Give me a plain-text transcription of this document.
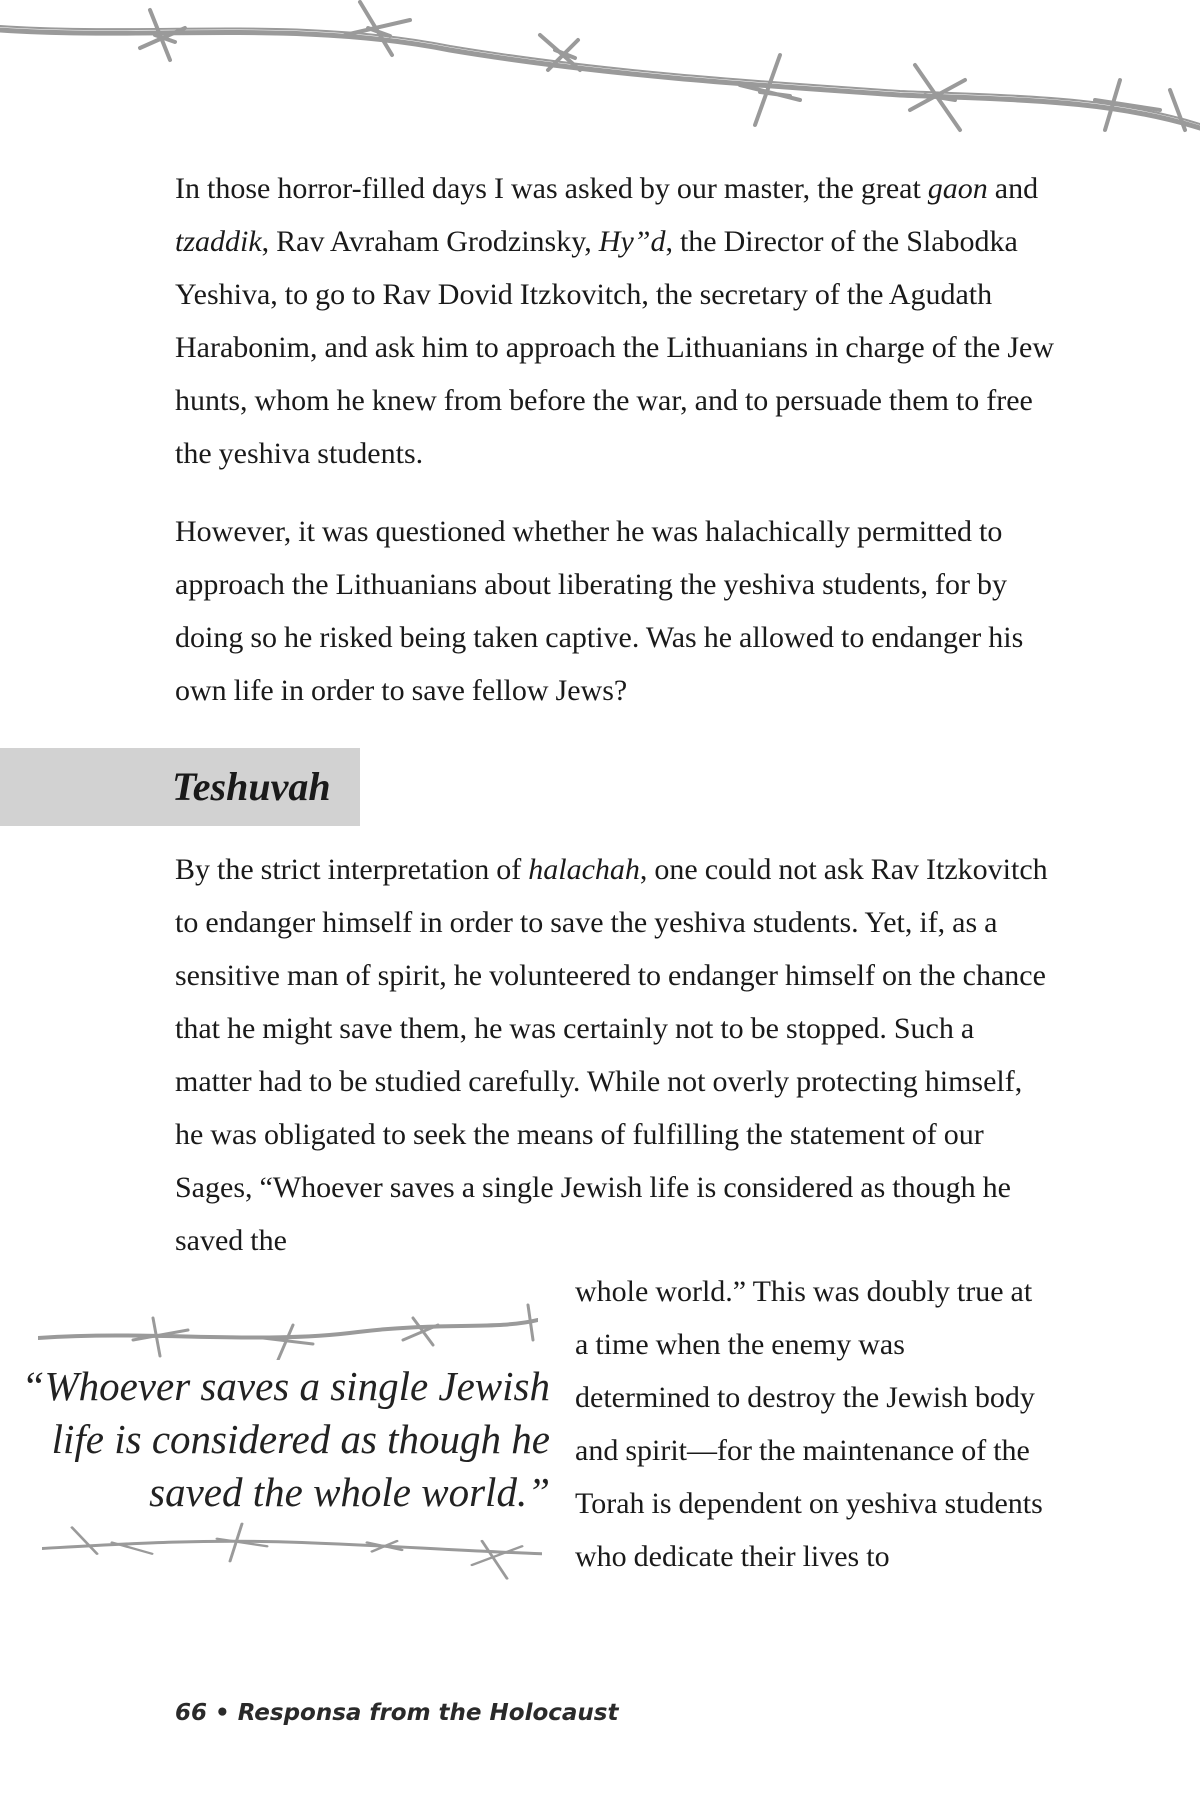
In those horror-filled days I was asked by our master, the great gaon and tzaddik, Rav Avraham Grodzinsky, Hy”d, the Director of the Slabodka Yeshiva, to go to Rav Dovid Itzkovitch, the secretary of the Agudath Harabonim, and ask him to approach the Lithuanians in charge of the Jew hunts, whom he knew from before the war, and to persuade them to free the yeshiva students.

However, it was questioned whether he was halachically permitted to approach the Lithuanians about liberating the yeshiva students, for by doing so he risked being taken captive. Was he allowed to endanger his own life in order to save fellow Jews?

Teshuvah

By the strict interpretation of halachah, one could not ask Rav Itzkovitch to endanger himself in order to save the yeshiva students. Yet, if, as a sensitive man of spirit, he volunteered to endanger himself on the chance that he might save them, he was certainly not to be stopped. Such a matter had to be studied carefully. While not overly protecting himself, he was obligated to seek the means of fulfilling the statement of our Sages, “Whoever saves a single Jewish life is considered as though he saved the

whole world.” This was doubly true at a time when the enemy was determined to destroy the Jewish body and spirit—for the maintenance of the Torah is dependent on yeshiva students who dedicate their lives to

“Whoever saves a single Jewish
life is considered as though he
saved the whole world.”
66 • Responsa from the Holocaust
